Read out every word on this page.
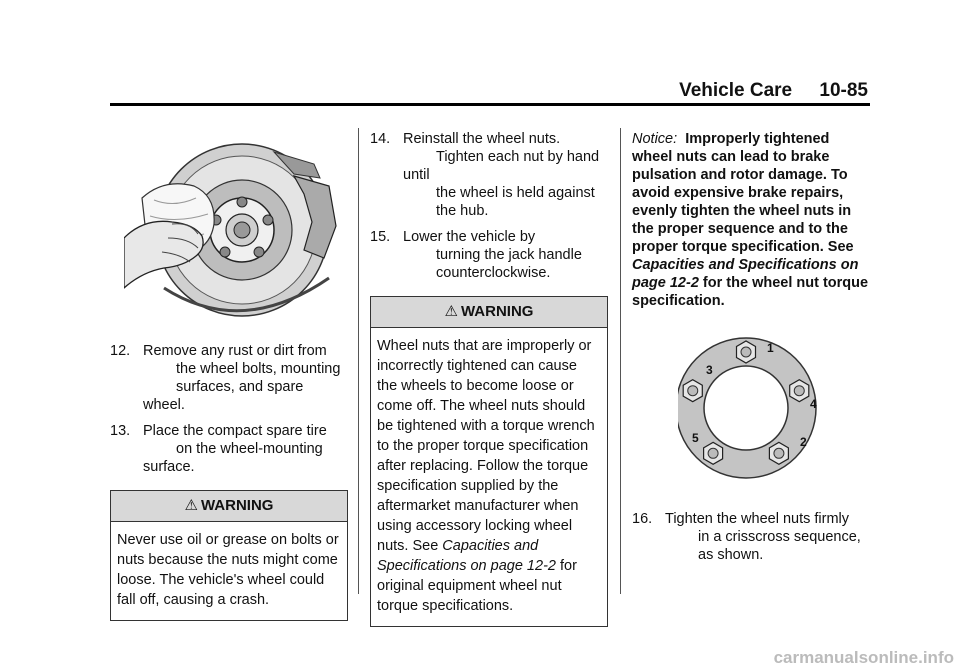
Vehicle Care 10-85
12. Remove any rust or dirt from
the wheel bolts, mounting
surfaces, and spare wheel.
13. Place the compact spare tire
on the wheel-mounting surface.
⚠ WARNING
Never use oil or grease on bolts or nuts because the nuts might come loose. The vehicle's wheel could fall off, causing a crash.
14. Reinstall the wheel nuts.
Tighten each nut by hand until
the wheel is held against
the hub.
15. Lower the vehicle by
turning the jack handle
counterclockwise.
⚠ WARNING
Wheel nuts that are improperly or incorrectly tightened can cause the wheels to become loose or come off. The wheel nuts should be tightened with a torque wrench to the proper torque specification after replacing. Follow the torque specification supplied by the aftermarket manufacturer when using accessory locking wheel nuts. See Capacities and Specifications on page 12-2 for original equipment wheel nut torque specifications.
Notice: Improperly tightened wheel nuts can lead to brake pulsation and rotor damage. To avoid expensive brake repairs, evenly tighten the wheel nuts in the proper sequence and to the proper torque specification. See Capacities and Specifications on page 12-2 for the wheel nut torque specification.
1
2
3
4
5
16. Tighten the wheel nuts firmly
in a crisscross sequence,
as shown.
carmanualsonline.info
